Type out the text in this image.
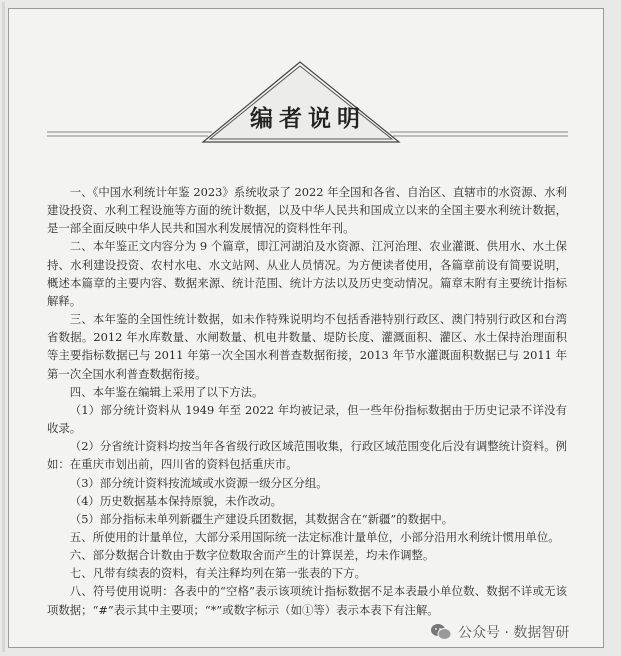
编者说明

一、《中国水利统计年鉴 2023》系统收录了 2022 年全国和各省、自治区、直辖市的水资源、水利建设投资、水利工程设施等方面的统计数据，以及中华人民共和国成立以来的全国主要水利统计数据，是一部全面反映中华人民共和国水利发展情况的资料性年刊。

二、本年鉴正文内容分为 9 个篇章，即江河湖泊及水资源、江河治理、农业灌溉、供用水、水土保持、水利建设投资、农村水电、水文站网、从业人员情况。为方便读者使用，各篇章前设有简要说明，概述本篇章的主要内容、数据来源、统计范围、统计方法以及历史变动情况。篇章末附有主要统计指标解释。

三、本年鉴的全国性统计数据，如未作特殊说明均不包括香港特别行政区、澳门特别行政区和台湾省数据。2012 年水库数量、水闸数量、机电井数量、堤防长度、灌溉面积、灌区、水土保持治理面积等主要指标数据已与 2011 年第一次全国水利普查数据衔接，2013 年节水灌溉面积数据已与 2011 年第一次全国水利普查数据衔接。

四、本年鉴在编辑上采用了以下方法。

（1）部分统计资料从 1949 年至 2022 年均被记录，但一些年份指标数据由于历史记录不详没有收录。

（2）分省统计资料均按当年各省级行政区域范围收集，行政区域范围变化后没有调整统计资料。例如：在重庆市划出前，四川省的资料包括重庆市。

（3）部分统计资料按流域或水资源一级分区分组。

（4）历史数据基本保持原貌，未作改动。

（5）部分指标未单列新疆生产建设兵团数据，其数据含在“新疆”的数据中。

五、所使用的计量单位，大部分采用国际统一法定标准计量单位，小部分沿用水利统计惯用单位。

六、部分数据合计数由于数字位数取舍而产生的计算误差，均未作调整。

七、凡带有续表的资料，有关注释均列在第一张表的下方。

八、符号使用说明：各表中的“空格”表示该项统计指标数据不足本表最小单位数、数据不详或无该项数据；“#”表示其中主要项；“*”或数字标示（如①等）表示本表下有注解。

公众号 · 数据智研
